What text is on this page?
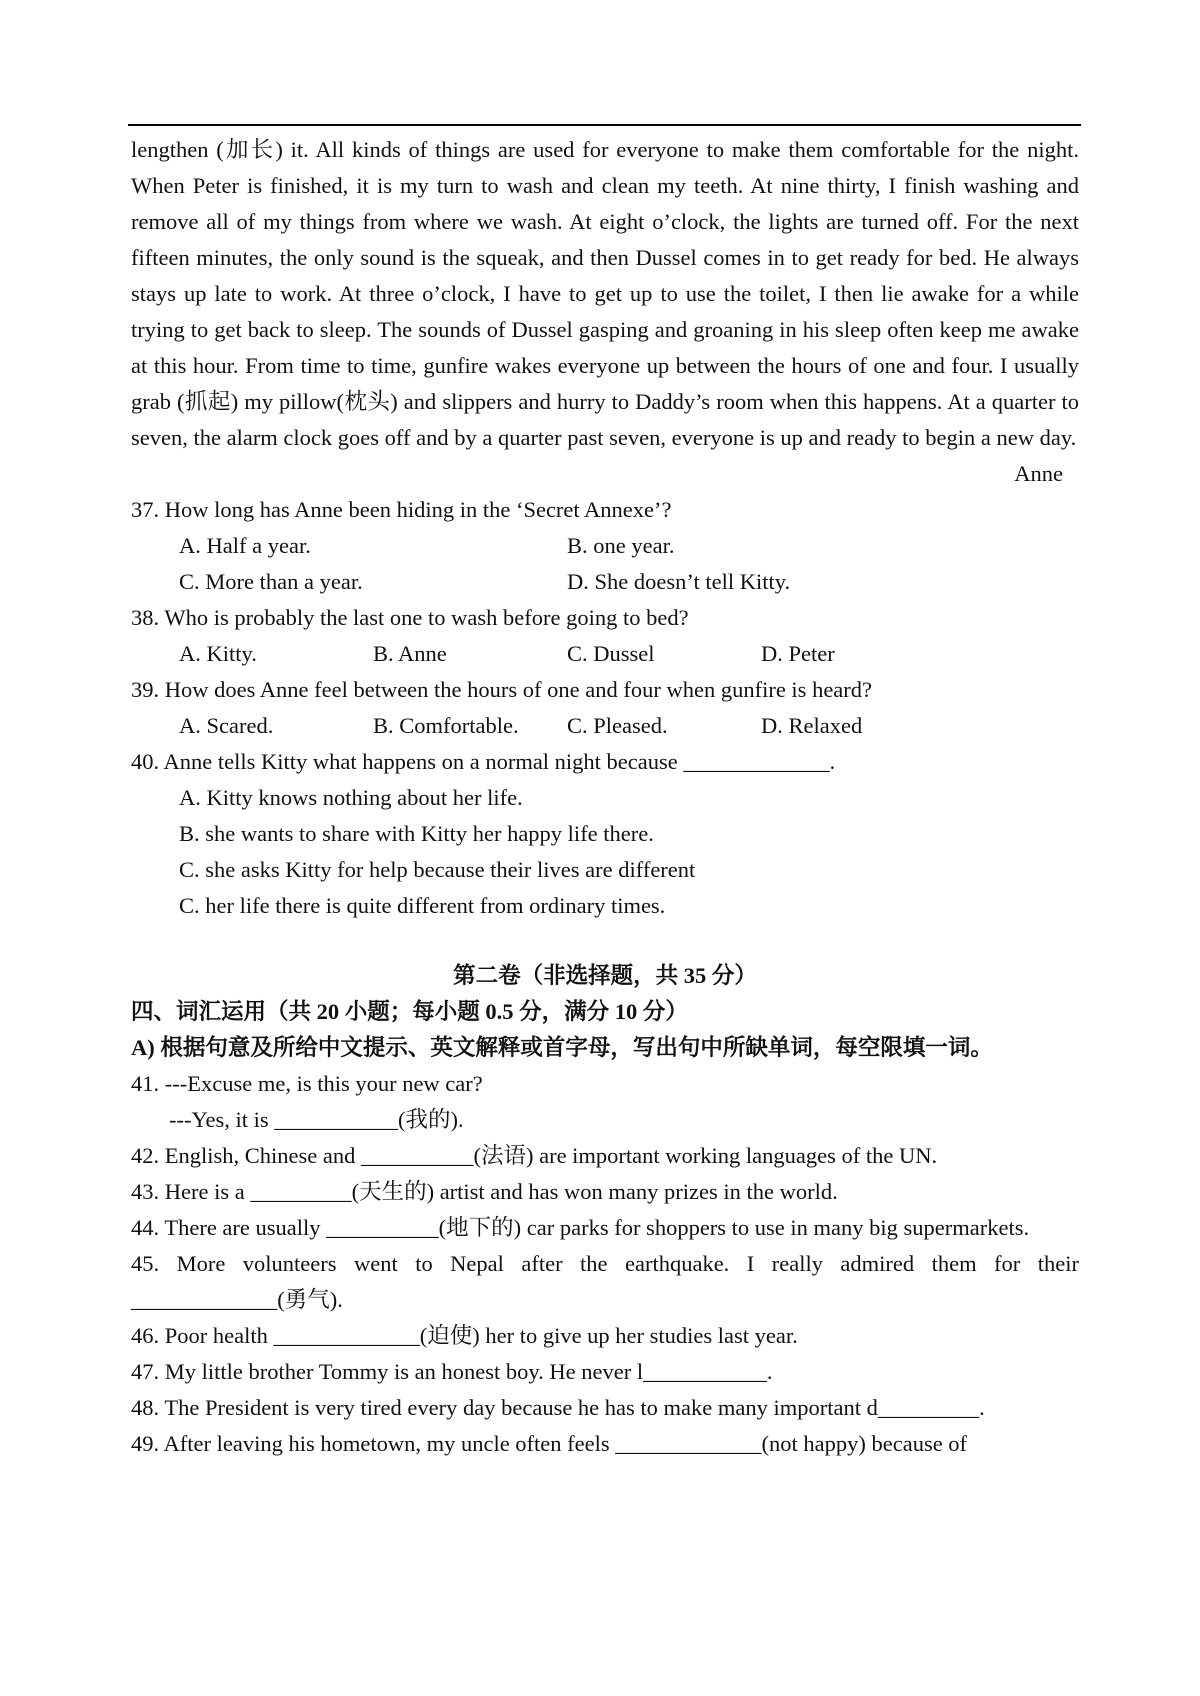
lengthen (加长) it. All kinds of things are used for everyone to make them comfortable for the night. When Peter is finished, it is my turn to wash and clean my teeth. At nine thirty, I finish washing and remove all of my things from where we wash. At eight o’clock, the lights are turned off. For the next fifteen minutes, the only sound is the squeak, and then Dussel comes in to get ready for bed. He always stays up late to work. At three o’clock, I have to get up to use the toilet, I then lie awake for a while trying to get back to sleep. The sounds of Dussel gasping and groaning in his sleep often keep me awake at this hour. From time to time, gunfire wakes everyone up between the hours of one and four. I usually grab (抓起) my pillow(枕头) and slippers and hurry to Daddy’s room when this happens. At a quarter to seven, the alarm clock goes off and by a quarter past seven, everyone is up and ready to begin a new day.

Anne

37. How long has Anne been hiding in the ‘Secret Annexe’?

A. Half a year.	B. one year.
C. More than a year.	D. She doesn’t tell Kitty.

38. Who is probably the last one to wash before going to bed?

A. Kitty.	B. Anne	C. Dussel	D. Peter

39. How does Anne feel between the hours of one and four when gunfire is heard?

A. Scared.	B. Comfortable.	C. Pleased.	D. Relaxed

40. Anne tells Kitty what happens on a normal night because _____________.

A. Kitty knows nothing about her life.

B. she wants to share with Kitty her happy life there.

C. she asks Kitty for help because their lives are different

C. her life there is quite different from ordinary times.

第二卷（非选择题，共 35 分）

四、词汇运用（共 20 小题；每小题 0.5 分，满分 10 分）

A) 根据句意及所给中文提示、英文解释或首字母，写出句中所缺单词，每空限填一词。

41. ---Excuse me, is this your new car?

---Yes, it is ___________(我的).

42. English, Chinese and __________(法语) are important working languages of the UN.

43. Here is a _________(天生的) artist and has won many prizes in the world.

44. There are usually __________(地下的) car parks for shoppers to use in many big supermarkets.

45. More volunteers went to Nepal after the earthquake. I really admired them for their _____________(勇气).

46. Poor health _____________(迫使) her to give up her studies last year.

47. My little brother Tommy is an honest boy. He never l___________.

48. The President is very tired every day because he has to make many important d_________.

49. After leaving his hometown, my uncle often feels _____________(not happy) because of
